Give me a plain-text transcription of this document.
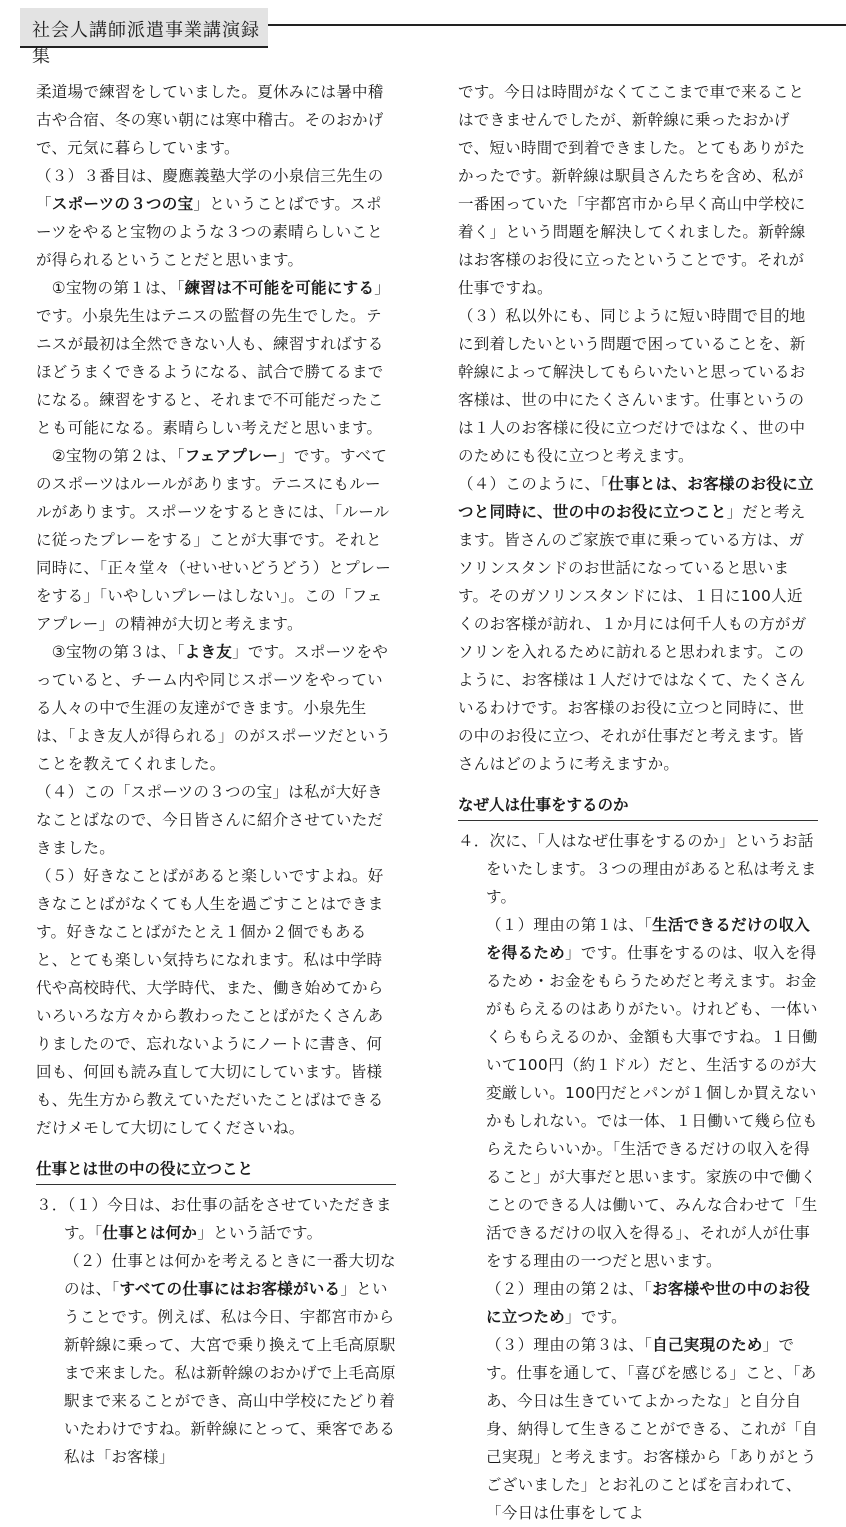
社会人講師派遣事業講演録集

柔道場で練習をしていました。夏休みには暑中稽古や合宿、冬の寒い朝には寒中稽古。そのおかげで、元気に暮らしています。

（３）３番目は、慶應義塾大学の小泉信三先生の「スポーツの３つの宝」ということばです。スポーツをやると宝物のような３つの素晴らしいことが得られるということだと思います。

　①宝物の第１は、「練習は不可能を可能にする」です。小泉先生はテニスの監督の先生でした。テニスが最初は全然できない人も、練習すればするほどうまくできるようになる、試合で勝てるまでになる。練習をすると、それまで不可能だったことも可能になる。素晴らしい考えだと思います。

　②宝物の第２は、「フェアプレー」です。すべてのスポーツはルールがあります。テニスにもルールがあります。スポーツをするときには、「ルールに従ったプレーをする」ことが大事です。それと同時に、「正々堂々（せいせいどうどう）とプレーをする」「いやしいプレーはしない」。この「フェアプレー」の精神が大切と考えます。

　③宝物の第３は、「よき友」です。スポーツをやっていると、チーム内や同じスポーツをやっている人々の中で生涯の友達ができます。小泉先生は、「よき友人が得られる」のがスポーツだということを教えてくれました。

（４）この「スポーツの３つの宝」は私が大好きなことばなので、今日皆さんに紹介させていただきました。

（５）好きなことばがあると楽しいですよね。好きなことばがなくても人生を過ごすことはできます。好きなことばがたとえ１個か２個でもあると、とても楽しい気持ちになれます。私は中学時代や高校時代、大学時代、また、働き始めてからいろいろな方々から教わったことばがたくさんありましたので、忘れないようにノートに書き、何回も、何回も読み直して大切にしています。皆様も、先生方から教えていただいたことばはできるだけメモして大切にしてくださいね。

仕事とは世の中の役に立つこと

３．（１）今日は、お仕事の話をさせていただきます。「仕事とは何か」という話です。

（２）仕事とは何かを考えるときに一番大切なのは、「すべての仕事にはお客様がいる」ということです。例えば、私は今日、宇都宮市から新幹線に乗って、大宮で乗り換えて上毛高原駅まで来ました。私は新幹線のおかげで上毛高原駅まで来ることができ、高山中学校にたどり着いたわけですね。新幹線にとって、乗客である私は「お客様」

です。今日は時間がなくてここまで車で来ることはできませんでしたが、新幹線に乗ったおかげで、短い時間で到着できました。とてもありがたかったです。新幹線は駅員さんたちを含め、私が一番困っていた「宇都宮市から早く高山中学校に着く」という問題を解決してくれました。新幹線はお客様のお役に立ったということです。それが仕事ですね。

（３）私以外にも、同じように短い時間で目的地に到着したいという問題で困っていることを、新幹線によって解決してもらいたいと思っているお客様は、世の中にたくさんいます。仕事というのは１人のお客様に役に立つだけではなく、世の中のためにも役に立つと考えます。

（４）このように、「仕事とは、お客様のお役に立つと同時に、世の中のお役に立つこと」だと考えます。皆さんのご家族で車に乗っている方は、ガソリンスタンドのお世話になっていると思います。そのガソリンスタンドには、１日に100人近くのお客様が訪れ、１か月には何千人もの方がガソリンを入れるために訪れると思われます。このように、お客様は１人だけではなくて、たくさんいるわけです。お客様のお役に立つと同時に、世の中のお役に立つ、それが仕事だと考えます。皆さんはどのように考えますか。

なぜ人は仕事をするのか

４．次に、「人はなぜ仕事をするのか」というお話をいたします。３つの理由があると私は考えます。

（１）理由の第１は、「生活できるだけの収入を得るため」です。仕事をするのは、収入を得るため・お金をもらうためだと考えます。お金がもらえるのはありがたい。けれども、一体いくらもらえるのか、金額も大事ですね。１日働いて100円（約１ドル）だと、生活するのが大変厳しい。100円だとパンが１個しか買えないかもしれない。では一体、１日働いて幾ら位もらえたらいいか。「生活できるだけの収入を得ること」が大事だと思います。家族の中で働くことのできる人は働いて、みんな合わせて「生活できるだけの収入を得る」、それが人が仕事をする理由の一つだと思います。

（２）理由の第２は、「お客様や世の中のお役に立つため」です。

（３）理由の第３は、「自己実現のため」です。仕事を通して、「喜びを感じる」こと、「ああ、今日は生きていてよかったな」と自分自身、納得して生きることができる、これが「自己実現」と考えます。お客様から「ありがとうございました」とお礼のことばを言われて、「今日は仕事をしてよ
